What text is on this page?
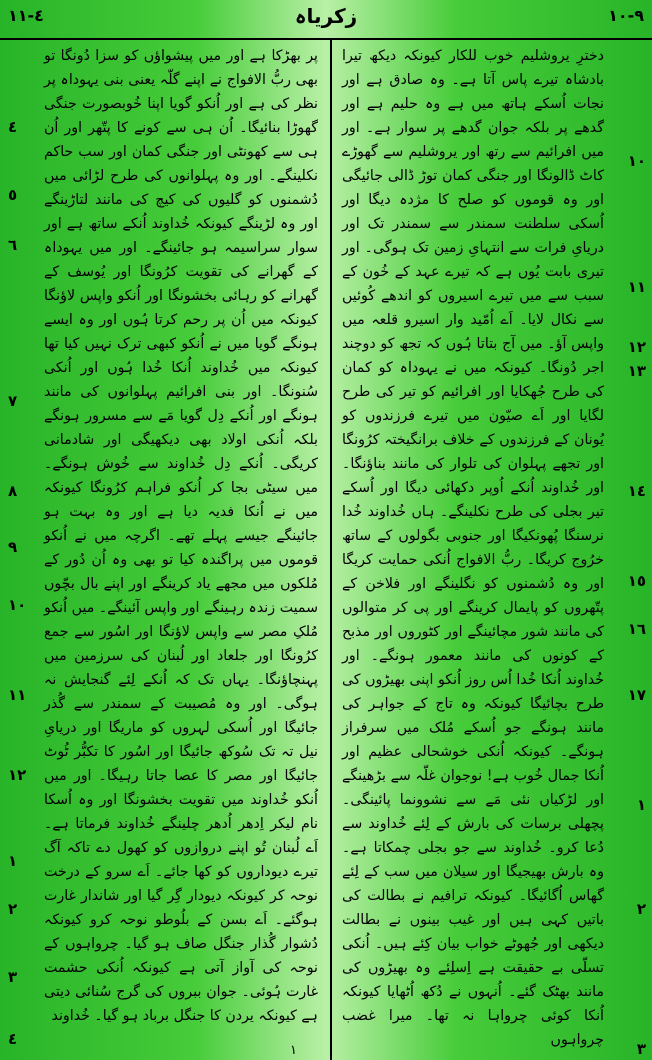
٤-١١	زکریاہ	٩-١٠

دخترِ یروشلیم خوب للکار کیونکہ دیکھ تیرا بادشاہ تیرے پاس آتا ہے۔ وہ صادق ہے اور نجات اُسکے ہاتھ میں ہے وہ حلیم ہے اور گدھے پر بلکہ جوان گدھے پر سوار ہے۔ اور میں افرائیم سے رتھ اور یروشلیم سے گھوڑے کاٹ ڈالونگا اور جنگی کمان توڑ ڈالی جائیگی اور وہ قوموں کو صلح کا مژدہ دیگا اور اُسکی سلطنت سمندر سے سمندر تک اور دریایِ فرات سے انتہایِ زمین تک ہوگی۔ اور تیری بابت یُوں ہے کہ تیرے عہد کے خُون کے سبب سے میں تیرے اسیروں کو اندھے کُوئیں سے نکال لایا۔ اَے اُمّید وار اسیرو قلعہ میں واپس آؤ۔ میں آج بتاتا ہُوں کہ تجھ کو دوچند اجر دُونگا۔ کیونکہ میں نے یہوداہ کو کمان کی طرح جُھکایا اور افرائیم کو تیر کی طرح لگایا اور اَے صیّون میں تیرے فرزندوں کو یُونان کے فرزندوں کے خلاف برانگیختہ کرُونگا اور تجھے پہلوان کی تلوار کی مانند بناؤنگا۔ اور خُداوند اُنکے اُوپر دکھائی دیگا اور اُسکے تیر بجلی کی طرح نکلینگے۔ ہاں خُداوند خُدا نرسنگا پُھونکیگا اور جنوبی بگولوں کے ساتھ خرُوج کریگا۔ ربُّ الافواج اُنکی حمایت کریگا اور وہ دُشمنوں کو نگلینگے اور فلاخن کے پتّھروں کو پایمال کرینگے اور پی کر متوالوں کی مانند شور مچائینگے اور کٹوروں اور مذبح کے کونوں کی مانند معمور ہونگے۔ اور خُداوند اُنکا خُدا اُس روز اُنکو اپنی بھیڑوں کی طرح بچائیگا کیونکہ وہ تاج کے جواہر کی مانند ہونگے جو اُسکے مُلک میں سرفراز ہونگے۔ کیونکہ اُنکی خوشحالی عظیم اور اُنکا جمال خُوب ہے! نوجوان غلّہ سے بڑھینگے اور لڑکیاں نئی مَے سے نشوونما پائینگی۔ پچھلی برسات کی بارش کے لِئے خُداوند سے دُعا کرو۔ خُداوند سے جو بجلی چمکاتا ہے۔ وہ بارش بھیجیگا اور سیلان میں سب کے لِئے گھاس اُگائیگا۔ کیونکہ ترافیم نے بطالت کی باتیں کہی ہیں اور غیب بینوں نے بطالت دیکھی اور جُھوٹے خواب بیان کِئے ہیں۔ اُنکی تسلّی بے حقیقت ہے اِسلِئے وہ بھیڑوں کی مانند بھٹک گئے۔ اُنہوں نے دُکھ اُٹھایا کیونکہ اُنکا کوئی چرواہا نہ تھا۔ میرا غضب چرواہوں

پر بھڑکا ہے اور میں پیشواؤں کو سزا دُونگا تو بھی ربُّ الافواج نے اپنے گلّہ یعنی بنی یہوداہ پر نظر کی ہے اور اُنکو گویا اپنا خُوبصورت جنگی گھوڑا بنائیگا۔ اُن ہی سے کونے کا پتّھر اور اُن ہی سے کھونٹی اور جنگی کمان اور سب حاکم نکلینگے۔ اور وہ پہلوانوں کی طرح لڑائی میں دُشمنوں کو گلیوں کی کیچ کی مانند لتاڑینگے اور وہ لڑینگے کیونکہ خُداوند اُنکے ساتھ ہے اور سوار سراسیمہ ہو جائینگے۔ اور میں یہوداہ کے گھرانے کی تقویت کرُونگا اور یُوسف کے گھرانے کو رہائی بخشونگا اور اُنکو واپس لاؤنگا کیونکہ میں اُن پر رحم کرتا ہُوں اور وہ ایسے ہونگے گویا میں نے اُنکو کبھی ترک نہیں کیا تھا کیونکہ میں خُداوند اُنکا خُدا ہُوں اور اُنکی سُنونگا۔ اور بنی افرائیم پہلوانوں کی مانند ہونگے اور اُنکے دِل گویا مَے سے مسرور ہونگے بلکہ اُنکی اولاد بھی دیکھیگی اور شادمانی کریگی۔ اُنکے دِل خُداوند سے خُوش ہونگے۔ میں سیٹی بجا کر اُنکو فراہم کرُونگا کیونکہ میں نے اُنکا فدیہ دیا ہے اور وہ بہت ہو جائینگے جیسے پہلے تھے۔ اگرچہ میں نے اُنکو قوموں میں پراگندہ کیا تو بھی وہ اُن دُور کے مُلکوں میں مجھے یاد کرینگے اور اپنے بال بچّوں سمیت زندہ رہینگے اور واپس آئینگے۔ میں اُنکو مُلکِ مصر سے واپس لاؤنگا اور اسُور سے جمع کرُونگا اور جلعاد اور لُبنان کی سرزمین میں پہنچاؤنگا۔ یہاں تک کہ اُنکے لِئے گنجایش نہ ہوگی۔ اور وہ مُصیبت کے سمندر سے گُذر جائیگا اور اُسکی لہروں کو ماریگا اور دریایِ نیل تہ تک سُوکھ جائیگا اور اسُور کا تکبُّر ٹُوٹ جائیگا اور مصر کا عصا جاتا رہیگا۔ اور میں اُنکو خُداوند میں تقویت بخشونگا اور وہ اُسکا نام لیکر اِدھر اُدھر چلینگے خُداوند فرماتا ہے۔ اَے لُبنان تُو اپنے دروازوں کو کھول دے تاکہ آگ تیرے دیوداروں کو کھا جائے۔ اَے سرو کے درخت نوحہ کر کیونکہ دیودار گِر گیا اور شاندار غارت ہوگئے۔ اَے بسن کے بلُوطو نوحہ کرو کیونکہ دُشوار گُذار جنگل صاف ہو گیا۔ چرواہوں کے نوحہ کی آواز آتی ہے کیونکہ اُنکی حشمت غارت ہُوئی۔ جوان ببروں کی گرج سُنائی دیتی ہے کیونکہ یردن کا جنگل برباد ہو گیا۔ خُداوند

١٠
١١
١٢
١٣
١٤
١٥
١٦
١٧
١
٢
٣
٤
٥
٦
٧
٨
٩
١٠
١١
١٢
١
٢
٣
٤
١
